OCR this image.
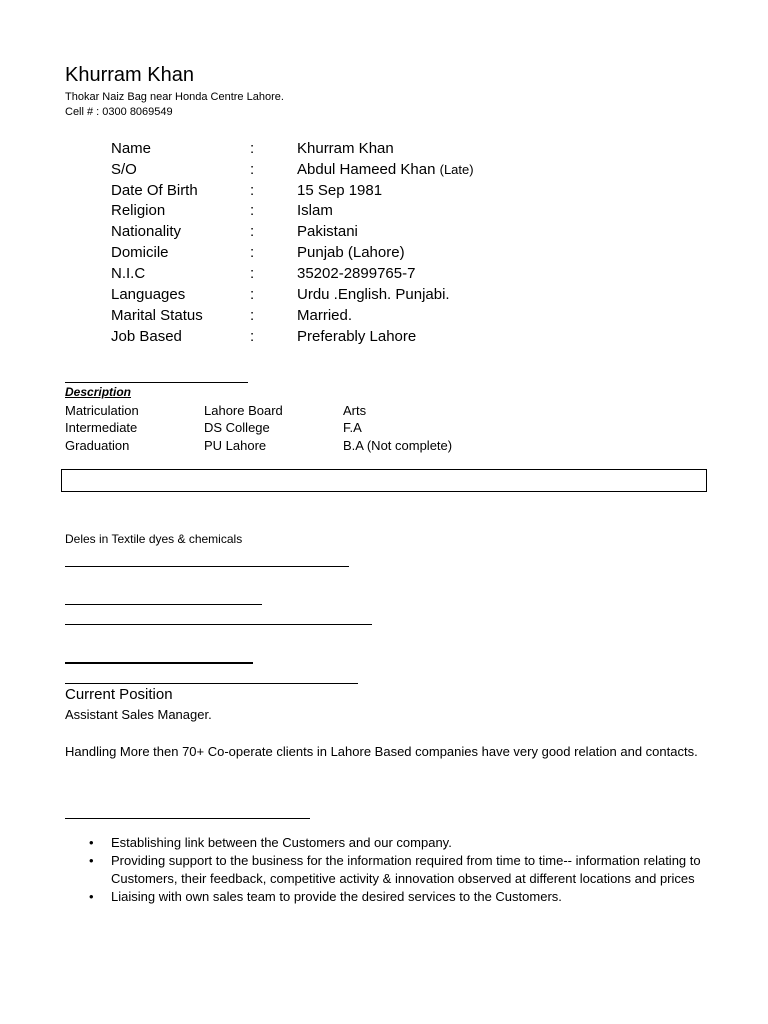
Khurram Khan
Thokar Naiz Bag near Honda Centre Lahore.
Cell # : 0300 8069549
Name	:	Khurram Khan
S/O	:	Abdul Hameed Khan (Late)
Date Of Birth	:	15 Sep 1981
Religion	:	Islam
Nationality	:	Pakistani
Domicile	:	Punjab (Lahore)
N.I.C	:	35202-2899765-7
Languages	:	Urdu .English. Punjabi.
Marital Status	:	Married.
Job Based	:	Preferably Lahore
Description
Matriculation	Lahore Board	Arts
Intermediate	DS College	F.A
Graduation	PU Lahore	B.A (Not complete)
Deles in Textile dyes & chemicals
Current Position
Assistant Sales Manager.
Handling More then 70+ Co-operate clients in Lahore Based companies have very good relation and contacts.
• Establishing link between the Customers and our company.
• Providing support to the business for the information required from time to time-- information relating to Customers, their feedback, competitive activity & innovation observed at different locations and prices
• Liaising with own sales team to provide the desired services to the Customers.
